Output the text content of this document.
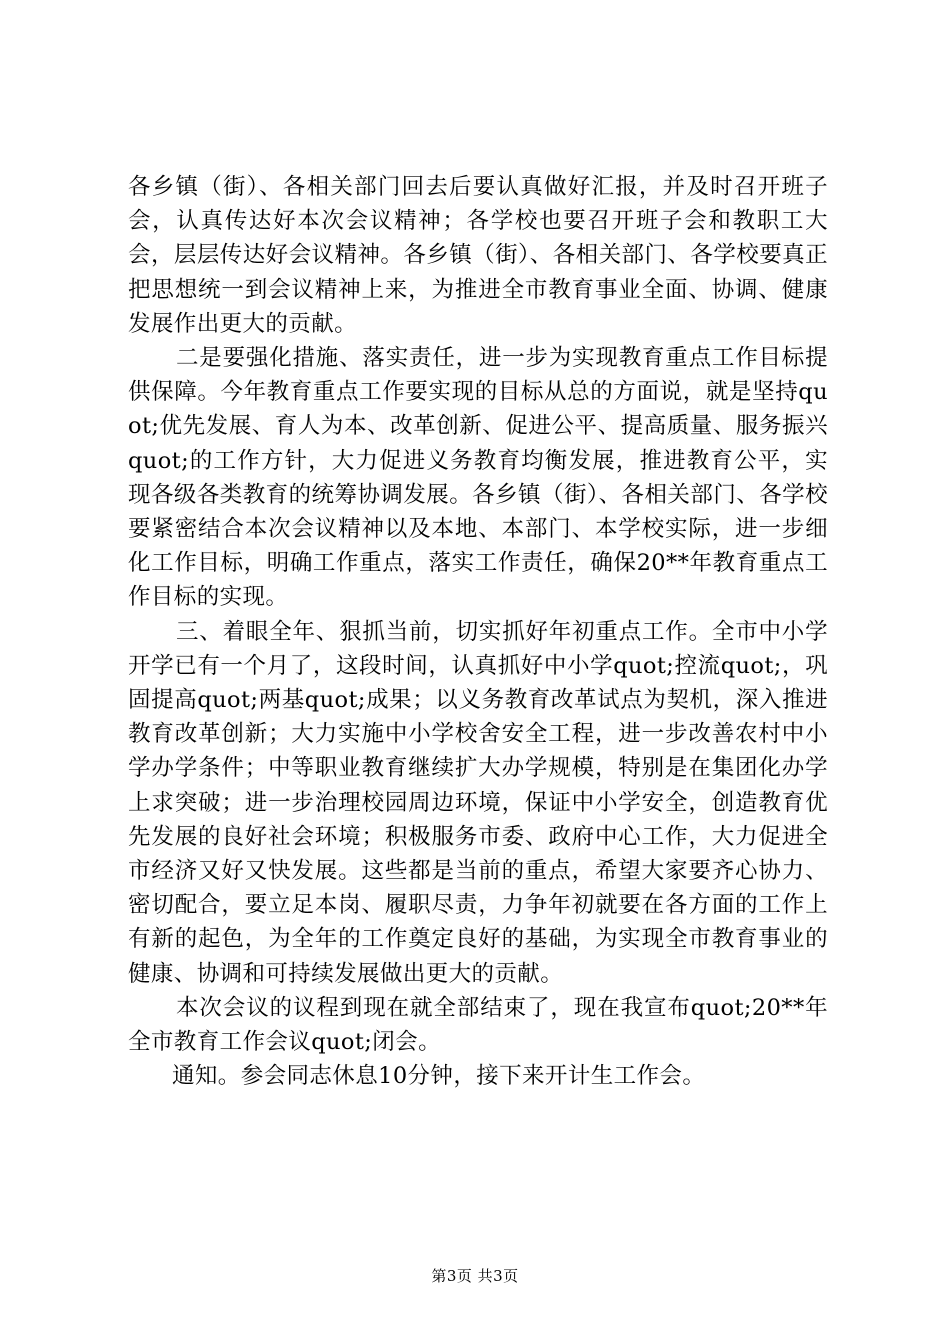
各乡镇（街）、各相关部门回去后要认真做好汇报，并及时召开班子会，认真传达好本次会议精神；各学校也要召开班子会和教职工大会，层层传达好会议精神。各乡镇（街）、各相关部门、各学校要真正把思想统一到会议精神上来，为推进全市教育事业全面、协调、健康发展作出更大的贡献。

二是要强化措施、落实责任，进一步为实现教育重点工作目标提供保障。今年教育重点工作要实现的目标从总的方面说，就是坚持quot;优先发展、育人为本、改革创新、促进公平、提高质量、服务振兴quot;的工作方针，大力促进义务教育均衡发展，推进教育公平，实现各级各类教育的统筹协调发展。各乡镇（街）、各相关部门、各学校要紧密结合本次会议精神以及本地、本部门、本学校实际，进一步细化工作目标，明确工作重点，落实工作责任，确保20**年教育重点工作目标的实现。

三、着眼全年、狠抓当前，切实抓好年初重点工作。全市中小学开学已有一个月了，这段时间，认真抓好中小学quot;控流quot;，巩固提高quot;两基quot;成果；以义务教育改革试点为契机，深入推进教育改革创新；大力实施中小学校舍安全工程，进一步改善农村中小学办学条件；中等职业教育继续扩大办学规模，特别是在集团化办学上求突破；进一步治理校园周边环境，保证中小学安全，创造教育优先发展的良好社会环境；积极服务市委、政府中心工作，大力促进全市经济又好又快发展。这些都是当前的重点，希望大家要齐心协力、密切配合，要立足本岗、履职尽责，力争年初就要在各方面的工作上有新的起色，为全年的工作奠定良好的基础，为实现全市教育事业的健康、协调和可持续发展做出更大的贡献。

本次会议的议程到现在就全部结束了，现在我宣布quot;20**年全市教育工作会议quot;闭会。

通知。参会同志休息10分钟，接下来开计生工作会。

第3页 共3页
